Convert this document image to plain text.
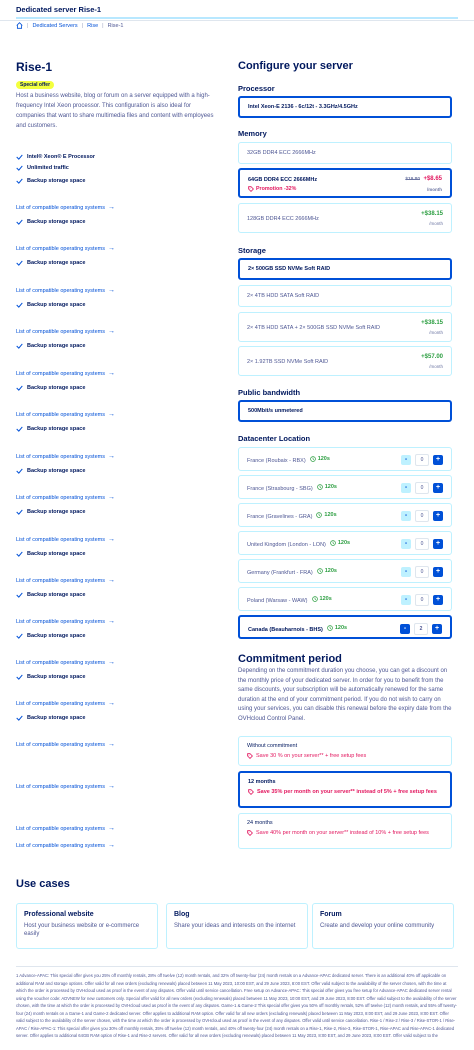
Dedicated server Rise-1
| Dedicated Servers | Rise | Rise-1
Rise-1
Special offer
Host a business website, blog or forum on a server equipped with a high-frequency Intel Xeon processor. This configuration is also ideal for companies that want to share multimedia files and content with employees and customers.
Configure your server
Processor
Intel Xeon-E 2136 - 6c/12t - 3.3GHz/4.5GHz
Memory
32GB DDR4 ECC 2666MHz
64GB DDR4 ECC 2666MHz
Promotion -32%
$19.80 +$8.65
/month
128GB DDR4 ECC 2666MHz
+$38.15
/month
Storage
2× 500GB SSD NVMe Soft RAID
2× 4TB HDD SATA Soft RAID
2× 4TB HDD SATA + 2× 500GB SSD NVMe Soft RAID
+$38.15
/month
2× 1.92TB SSD NVMe Soft RAID
+$57.00
/month
Public bandwidth
500Mbit/s unmetered
Datacenter Location
Commitment period
Depending on the commitment duration you choose, you can get a discount on the monthly price of your dedicated server. In order for you to benefit from the same discounts, your subscription will be automatically renewed for the same duration at the end of your commitment period. If you do not wish to carry on using your services, you can disable this renewal before the expiry date from the OVHcloud Control Panel.
Without commitment
Save 30 % on your server** + free setup fees
12 months
Save 35% per month on your server** instead of 5% + free setup fees
24 months
Save 40% per month on your server** instead of 10% + free setup fees
Use cases
Professional website
Host your business website or e-commerce easily
Blog
Share your ideas and interests on the internet
Forum
Create and develop your online community
1 Advance-APAC: This special offer gives you 25% off monthly rentals, 28% off twelve (12) month rentals, and 32% off twenty-four (24) month rentals on a Advance-APAC dedicated server. There is an additional 40% off applicable on additional RAM and storage options. Offer valid for all new orders (excluding renewals) placed between 11 May 2023, 10:00 EST, and 29 June 2023, 8:00 EST. Offer valid subject to the availability of the server chosen, with the time at which the order is processed by OVHcloud used as proof in the event of any disputes. Offer valid until service cancellation. Free setup on Advance-APAC: This special offer gives you free setup for Advance-APAC dedicated server rental using the voucher code: ADVNEW for new customers only. Special offer valid for all new orders (excluding renewals) placed between 11 May 2023, 10:00 EST, and 29 June 2023, 8:00 EST. Offer valid subject to the availability of the server chosen, with the time at which the order is processed by OVHcloud used as proof in the event of any disputes. Game-1 & Game-2 This special offer gives you 50% off monthly rentals, 52% off twelve (12) month rentals, and 55% off twenty-four (24) month rentals on a Game-1 and Game-2 dedicated server. Offer applies to additional RAM option. Offer valid for all new orders (excluding renewals) placed between 11 May 2023, 8:00 EST, and 29 June 2023, 8:00 EST. Offer valid subject to the availability of the server chosen, with the time at which the order is processed by OVHcloud used as proof in the event of any disputes. Offer valid until service cancellation. Rise-1 / Rise-2 / Rise-3 / Rise-STOR-1 / Rise-APAC / Rise-APAC-1: This special offer gives you 30% off monthly rentals, 35% off twelve (12) month rentals, and 40% off twenty-four (24) month rentals on a Rise-1, Rise-2, Rise-3, Rise-STOR-1, Rise-APAC and Rise-APAC-1 dedicated server. Offer applies to additional 64GB RAM option of Rise-1 and Rise-2 servers. Offer valid for all new orders (excluding renewals) placed between 11 May 2023, 8:00 EST, and 29 June 2023, 8:00 EST. Offer valid subject to the
Intel® Xeon® E Processor
Unlimited traffic
Backup storage space
List of compatible operating systems →
Backup storage space
List of compatible operating systems →
Backup storage space
List of compatible operating systems →
Backup storage space
List of compatible operating systems →
Backup storage space
List of compatible operating systems →
Backup storage space
List of compatible operating systems →
Backup storage space
List of compatible operating systems →
Backup storage space
List of compatible operating systems →
Backup storage space
List of compatible operating systems →
Backup storage space
List of compatible operating systems →
Backup storage space
List of compatible operating systems →
Backup storage space
List of compatible operating systems →
Backup storage space
List of compatible operating systems →
Backup storage space
List of compatible operating systems →
List of compatible operating systems →
List of compatible operating systems →
List of compatible operating systems →
France (Roubaix - RBX) 120s	-	0	+
France (Strasbourg - SBG) 120s	-	0	+
France (Gravelines - GRA) 120s	-	0	+
United Kingdom (London - LON) 120s	-	0	+
Germany (Frankfurt - FRA) 120s	-	0	+
Poland (Warsaw - WAW) 120s	-	0	+
Canada (Beauharnois - BHS) 120s	-	2	+
